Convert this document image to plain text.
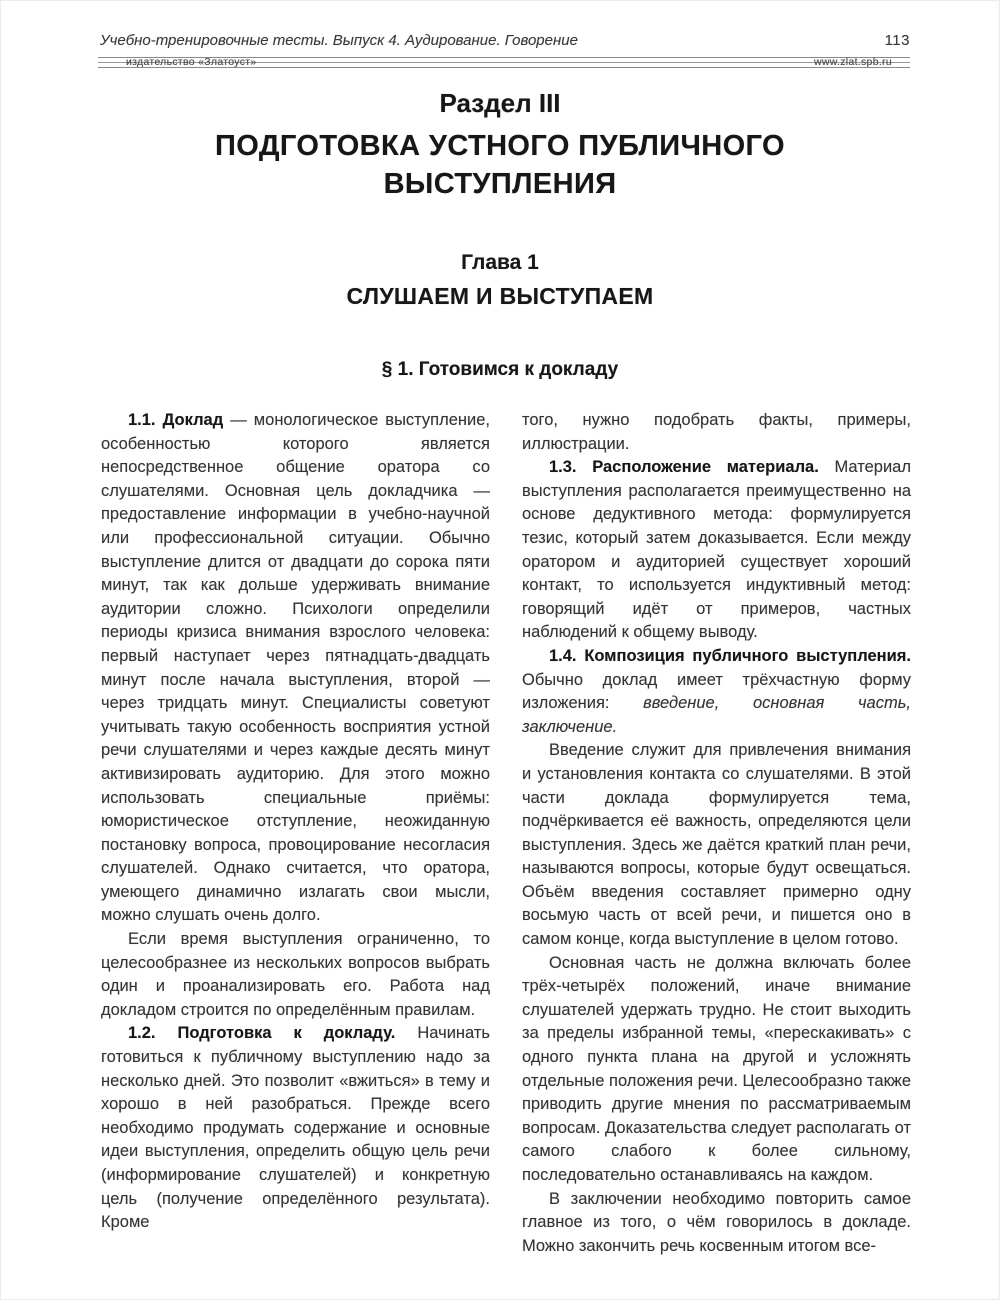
Учебно-тренировочные тесты. Выпуск 4. Аудирование. Говорение	113
издательство «Златоуст»	www.zlat.spb.ru
Раздел III
ПОДГОТОВКА УСТНОГО ПУБЛИЧНОГО
ВЫСТУПЛЕНИЯ
Глава 1
СЛУШАЕМ И ВЫСТУПАЕМ
§ 1. Готовимся к докладу

1.1. Доклад — монологическое выступление, особенностью которого является непосредственное общение оратора со слушателями. Основная цель докладчика — предоставление информации в учебно-научной или профессиональной ситуации. Обычно выступление длится от двадцати до сорока пяти минут, так как дольше удерживать внимание аудитории сложно. Психологи определили периоды кризиса внимания взрослого человека: первый наступает через пятнадцать-двадцать минут после начала выступления, второй — через тридцать минут. Специалисты советуют учитывать такую особенность восприятия устной речи слушателями и через каждые десять минут активизировать аудиторию. Для этого можно использовать специальные приёмы: юмористическое отступление, неожиданную постановку вопроса, провоцирование несогласия слушателей. Однако считается, что оратора, умеющего динамично излагать свои мысли, можно слушать очень долго.

Если время выступления ограниченно, то целесообразнее из нескольких вопросов выбрать один и проанализировать его. Работа над докладом строится по определённым правилам.

1.2. Подготовка к докладу. Начинать готовиться к публичному выступлению надо за несколько дней. Это позволит «вжиться» в тему и хорошо в ней разобраться. Прежде всего необходимо продумать содержание и основные идеи выступления, определить общую цель речи (информирование слушателей) и конкретную цель (получение определённого результата). Кроме

того, нужно подобрать факты, примеры, иллюстрации.

1.3. Расположение материала. Материал выступления располагается преимущественно на основе дедуктивного метода: формулируется тезис, который затем доказывается. Если между оратором и аудиторией существует хороший контакт, то используется индуктивный метод: говорящий идёт от примеров, частных наблюдений к общему выводу.

1.4. Композиция публичного выступления. Обычно доклад имеет трёхчастную форму изложения: введение, основная часть, заключение.

Введение служит для привлечения внимания и установления контакта со слушателями. В этой части доклада формулируется тема, подчёркивается её важность, определяются цели выступления. Здесь же даётся краткий план речи, называются вопросы, которые будут освещаться. Объём введения составляет примерно одну восьмую часть от всей речи, и пишется оно в самом конце, когда выступление в целом готово.

Основная часть не должна включать более трёх-четырёх положений, иначе внимание слушателей удержать трудно. Не стоит выходить за пределы избранной темы, «перескакивать» с одного пункта плана на другой и усложнять отдельные положения речи. Целесообразно также приводить другие мнения по рассматриваемым вопросам. Доказательства следует располагать от самого слабого к более сильному, последовательно останавливаясь на каждом.

В заключении необходимо повторить самое главное из того, о чём говорилось в докладе. Можно закончить речь косвенным итогом все-
